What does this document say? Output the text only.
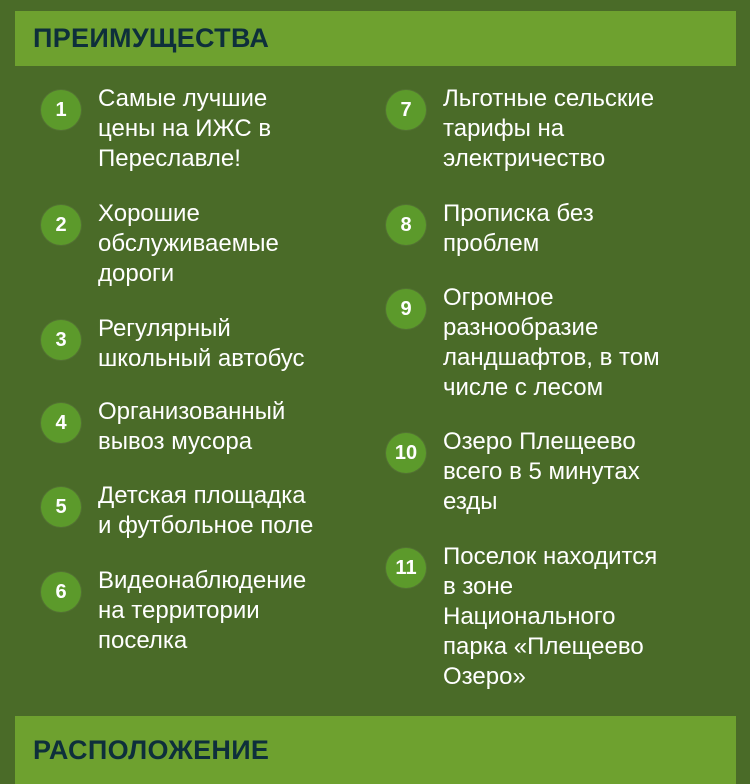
ПРЕИМУЩЕСТВА
1	Самые лучшие
цены на ИЖС в
Переславле!
2	Хорошие
обслуживаемые
дороги
3	Регулярный
школьный автобус
4	Организованный
вывоз мусора
5	Детская площадка
и футбольное поле
6	Видеонаблюдение
на территории
поселка
7	Льготные сельские
тарифы на
электричество
8	Прописка без
проблем
9	Огромное
разнообразие
ландшафтов, в том
числе с лесом
10	Озеро Плещеево
всего в 5 минутах
езды
11	Поселок находится
в зоне
Национального
парка «Плещеево
Озеро»
РАСПОЛОЖЕНИЕ
